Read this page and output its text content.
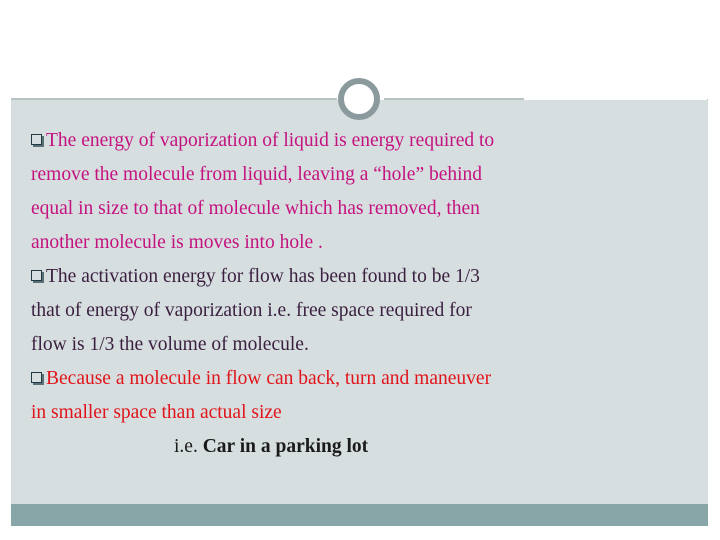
The energy of vaporization of liquid is energy required to
remove the molecule from liquid, leaving a “hole” behind
equal in size to that of molecule which has removed, then
another molecule is moves into hole .
The activation energy for flow has been found to be 1/3
that of energy of vaporization i.e. free space required for
flow is 1/3 the volume of molecule.
Because a molecule in flow can back, turn and maneuver
in smaller space than actual size
i.e. Car in a parking lot
